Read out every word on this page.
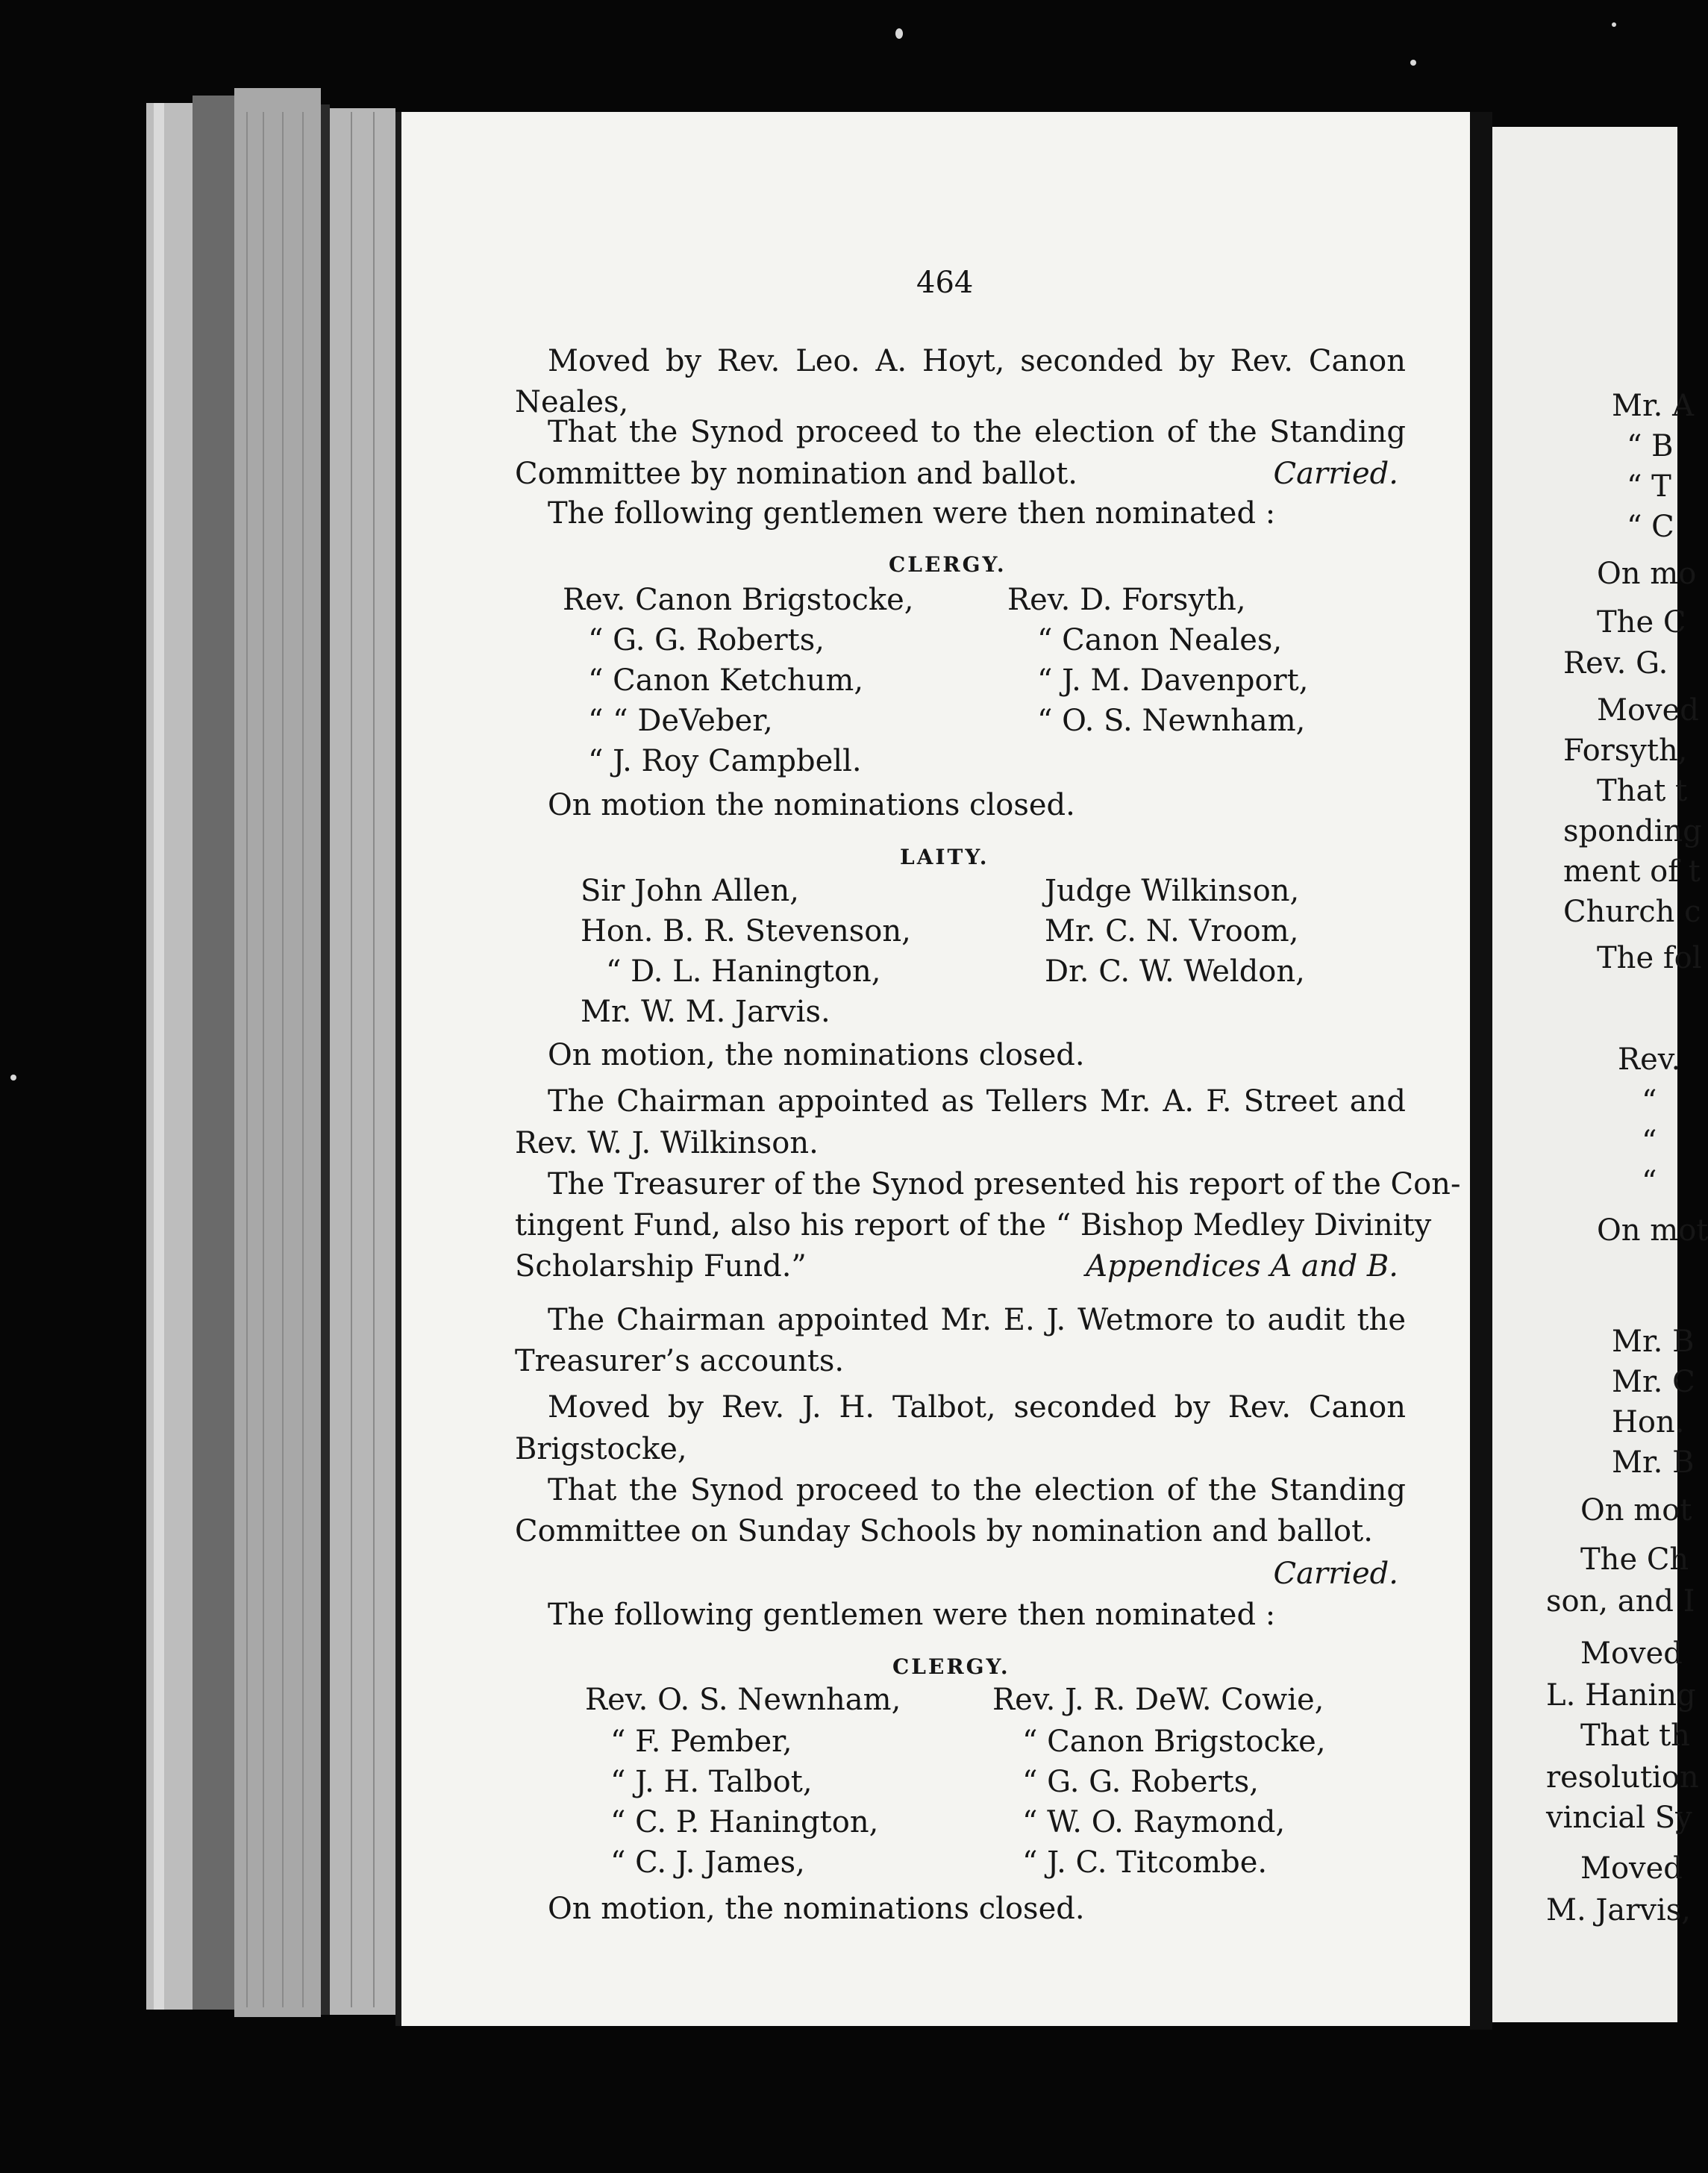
464
Moved by Rev. Leo. A. Hoyt, seconded by Rev. Canon
Neales,
That the Synod proceed to the election of the Standing
Committee by nomination and ballot.	Carried.
The following gentlemen were then nominated :
CLERGY.
Rev. Canon Brigstocke,
“ G. G. Roberts,
“ Canon Ketchum,
“ “ DeVeber,
“ J. Roy Campbell.
Rev. D. Forsyth,
“ Canon Neales,
“ J. M. Davenport,
“ O. S. Newnham,
On motion the nominations closed.
LAITY.
Sir John Allen,
Hon. B. R. Stevenson,
“ D. L. Hanington,
Mr. W. M. Jarvis.
Judge Wilkinson,
Mr. C. N. Vroom,
Dr. C. W. Weldon,
On motion, the nominations closed.
The Chairman appointed as Tellers Mr. A. F. Street and
Rev. W. J. Wilkinson.
The Treasurer of the Synod presented his report of the Con-
tingent Fund, also his report of the “ Bishop Medley Divinity
Scholarship Fund.”	Appendices A and B.
The Chairman appointed Mr. E. J. Wetmore to audit the
Treasurer’s accounts.
Moved by Rev. J. H. Talbot, seconded by Rev. Canon
Brigstocke,
That the Synod proceed to the election of the Standing
Committee on Sunday Schools by nomination and ballot.
Carried.
The following gentlemen were then nominated :
CLERGY.
Rev. O. S. Newnham,
“ F. Pember,
“ J. H. Talbot,
“ C. P. Hanington,
“ C. J. James,
Rev. J. R. DeW. Cowie,
“ Canon Brigstocke,
“ G. G. Roberts,
“ W. O. Raymond,
“ J. C. Titcombe.
On motion, the nominations closed.
Mr. A
“ B
“ T
“ C
On mo
The C
Rev. G.
Moved
Forsyth,
That t
sponding
ment of t
Church c
The fol
Rev.
“
“
“
On mot
Mr. B
Mr. C
Hon.
Mr. B
On mot
The Ch
son, and I
Moved
L. Haning
That th
resolution
vincial Sy
Moved
M. Jarvis,
